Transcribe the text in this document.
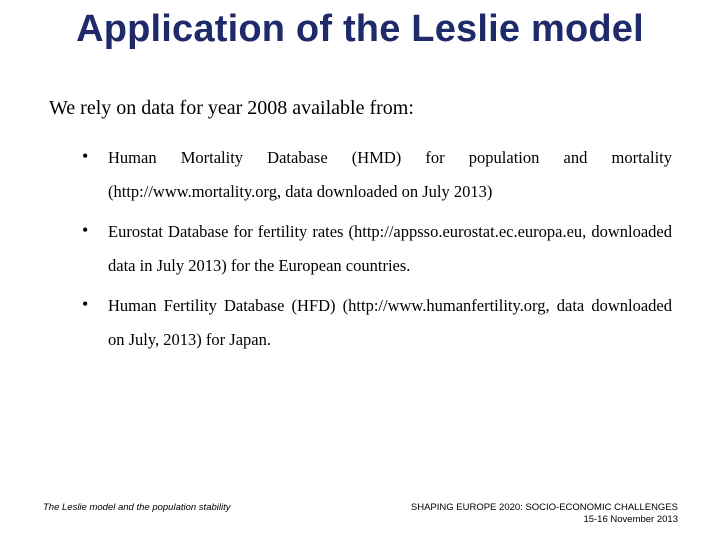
Application of the Leslie model
We rely on data for year 2008 available from:
• Human Mortality Database (HMD) for population and mortality (http://www.mortality.org, data downloaded on July 2013)
• Eurostat Database for fertility rates (http://appsso.eurostat.ec.europa.eu, downloaded data in July 2013) for the European countries.
• Human Fertility Database (HFD) (http://www.humanfertility.org, data downloaded on July, 2013) for Japan.
The Leslie model and the population stability	SHAPING EUROPE 2020: SOCIO-ECONOMIC CHALLENGES
15-16 November 2013
